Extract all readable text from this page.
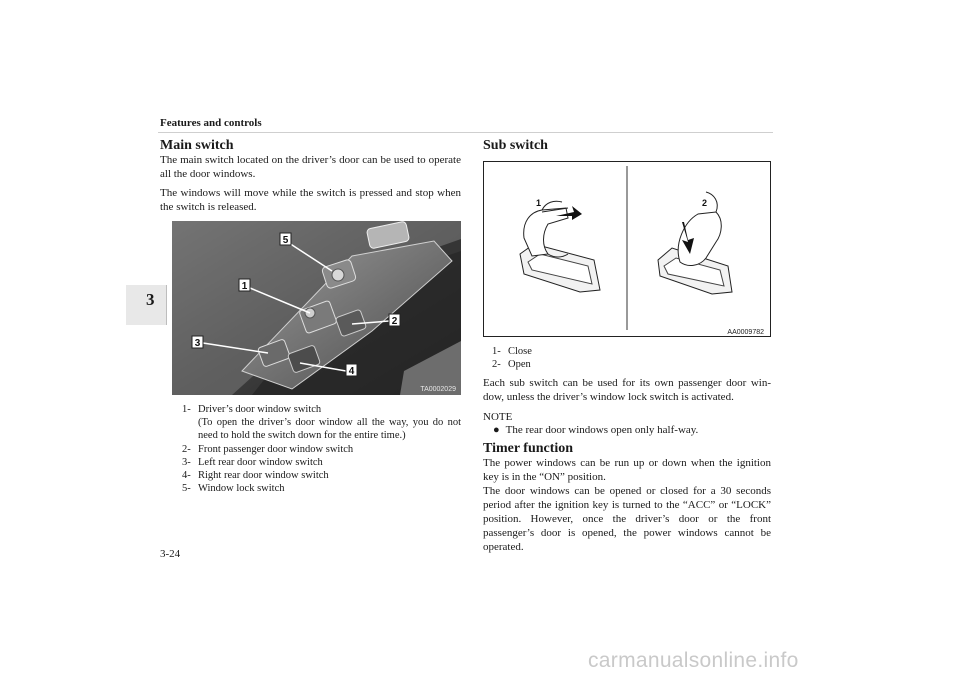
Features and controls
3
3-24
carmanualsonline.info
Main switch

The main switch located on the driver’s door can be used to operate all the door windows.

The windows will move while the switch is pressed and stop when the switch is released.

5
1
2
3
4
TA0002029
1- Driver’s door window switch
(To open the driver’s door window all the way, you do not need to hold the switch down for the entire time.)
2- Front passenger door window switch
3- Left rear door window switch
4- Right rear door window switch
5- Window lock switch
Sub switch
1	2
AA0009782
1- Close
2- Open

Each sub switch can be used for its own passenger door win-dow, unless the driver’s window lock switch is activated.

NOTE
● The rear door windows open only half-way.
Timer function

The power windows can be run up or down when the ignition key is in the “ON” position.

The door windows can be opened or closed for a 30 seconds period after the ignition key is turned to the “ACC” or “LOCK” position. However, once the driver’s door or the front passenger’s door is opened, the power windows cannot be operated.
